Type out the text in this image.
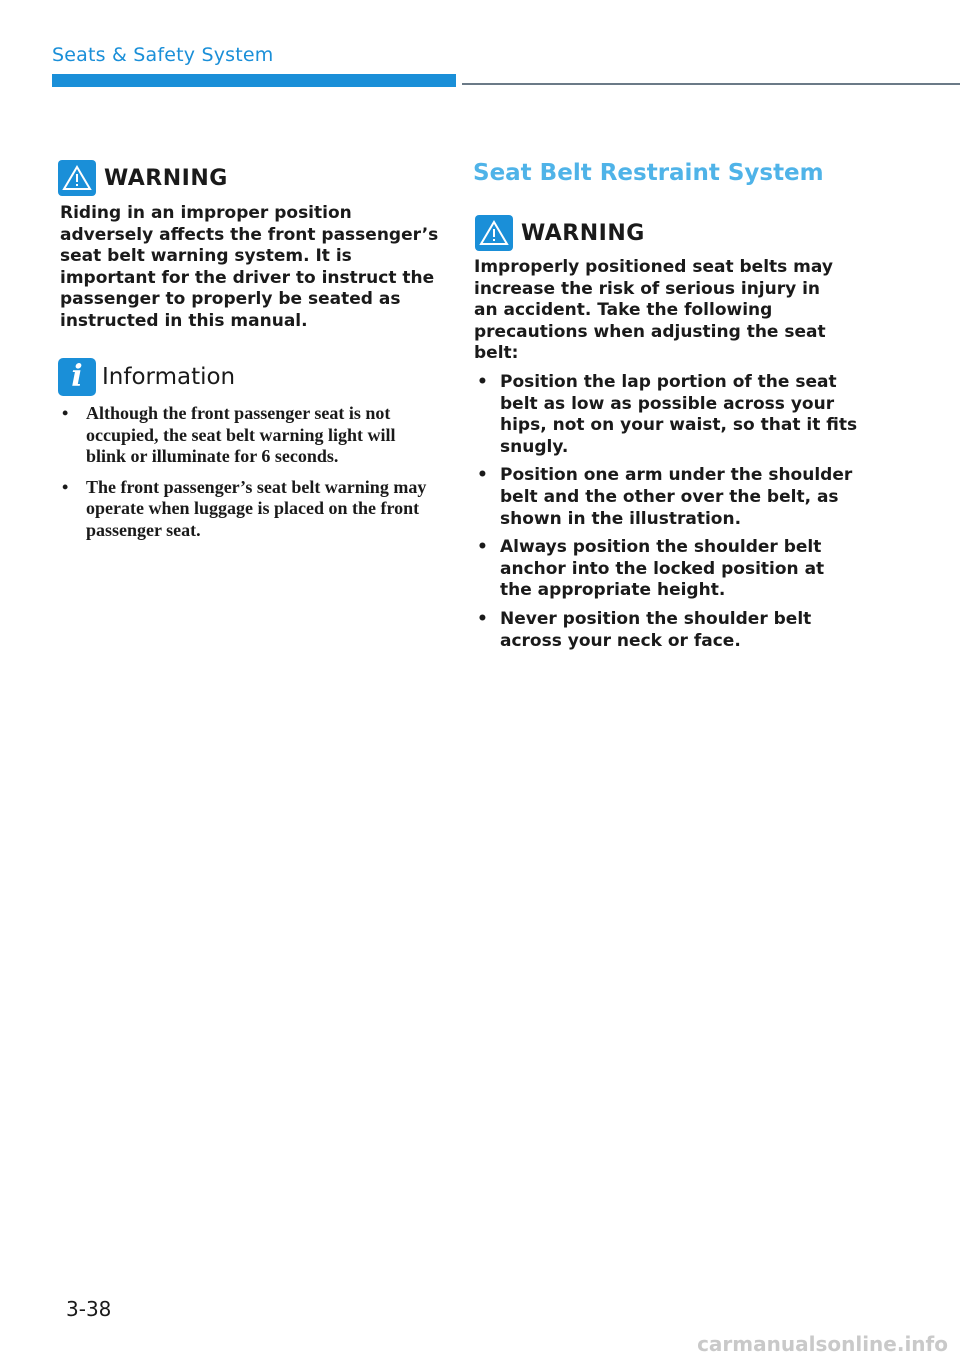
Seats & Safety System
WARNING

Riding in an improper position adversely affects the front passenger’s seat belt warning system. It is important for the driver to instruct the passenger to properly be seated as instructed in this manual.

i Information
• Although the front passenger seat is not occupied, the seat belt warning light will blink or illuminate for 6 seconds.
• The front passenger’s seat belt warning may operate when luggage is placed on the front passenger seat.
Seat Belt Restraint System
WARNING

Improperly positioned seat belts may increase the risk of serious injury in an accident. Take the following precautions when adjusting the seat belt:

• Position the lap portion of the seat belt as low as possible across your hips, not on your waist, so that it fits snugly.
• Position one arm under the shoulder belt and the other over the belt, as shown in the illustration.
• Always position the shoulder belt anchor into the locked position at the appropriate height.
• Never position the shoulder belt across your neck or face.
3-38
carmanualsonline.info
